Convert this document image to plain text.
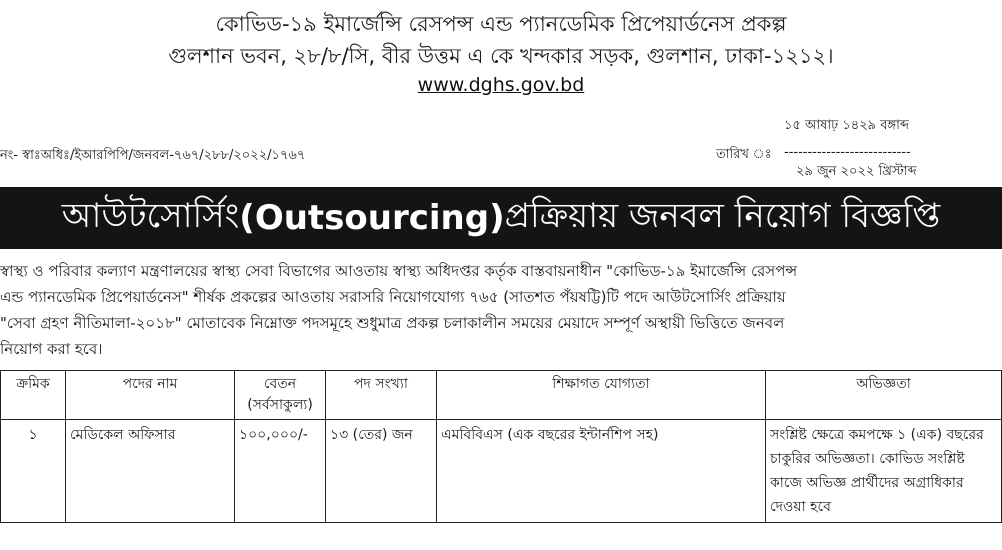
কোভিড-১৯ ইমার্জেন্সি রেসপন্স এন্ড প্যানডেমিক প্রিপেয়ার্ডনেস প্রকল্প
গুলশান ভবন, ২৮/৮/সি, বীর উত্তম এ কে খন্দকার সড়ক, গুলশান, ঢাকা-১২১২।
www.dghs.gov.bd
নং- স্বাঃঅধিঃ/ইআরপিপি/জনবল-৭৬৭/২৮৮/২০২২/১৭৬৭
১৫ আষাঢ় ১৪২৯ বঙ্গাব্দ
তারিখ ঃ ---------------------------
২৯ জুন ২০২২ খ্রিস্টাব্দ
আউটসোর্সিং (Outsourcing) প্রক্রিয়ায় জনবল নিয়োগ বিজ্ঞপ্তি
স্বাস্থ্য ও পরিবার কল্যাণ মন্ত্রণালয়ের স্বাস্থ্য সেবা বিভাগের আওতায় স্বাস্থ্য অধিদপ্তর কর্তৃক বাস্তবায়নাধীন "কোভিড-১৯ ইমার্জেন্সি রেসপন্স
এন্ড প্যানডেমিক প্রিপেয়ার্ডনেস" শীর্ষক প্রকল্পের আওতায় সরাসরি নিয়োগযোগ্য ৭৬৫ (সাতশত পঁয়ষট্টি)টি পদে আউটসোর্সিং প্রক্রিয়ায়
"সেবা গ্রহণ নীতিমালা-২০১৮" মোতাবেক নিম্নোক্ত পদসমূহে শুধুমাত্র প্রকল্প চলাকালীন সময়ের মেয়াদে সম্পূর্ণ অস্থায়ী ভিত্তিতে জনবল
নিয়োগ করা হবে।
ক্রমিক	পদের নাম	বেতন (সর্বসাকুল্য)	পদ সংখ্যা	শিক্ষাগত যোগ্যতা	অভিজ্ঞতা
১	মেডিকেল অফিসার	১০০,০০০/-	১৩ (তের) জন	এমবিবিএস (এক বছরের ইন্টার্নশিপ সহ)	সংশ্লিষ্ট ক্ষেত্রে কমপক্ষে ১ (এক) বছরের চাকুরির অভিজ্ঞতা। কোভিড সংশ্লিষ্ট কাজে অভিজ্ঞ প্রার্থীদের অগ্রাধিকার দেওয়া হবে
